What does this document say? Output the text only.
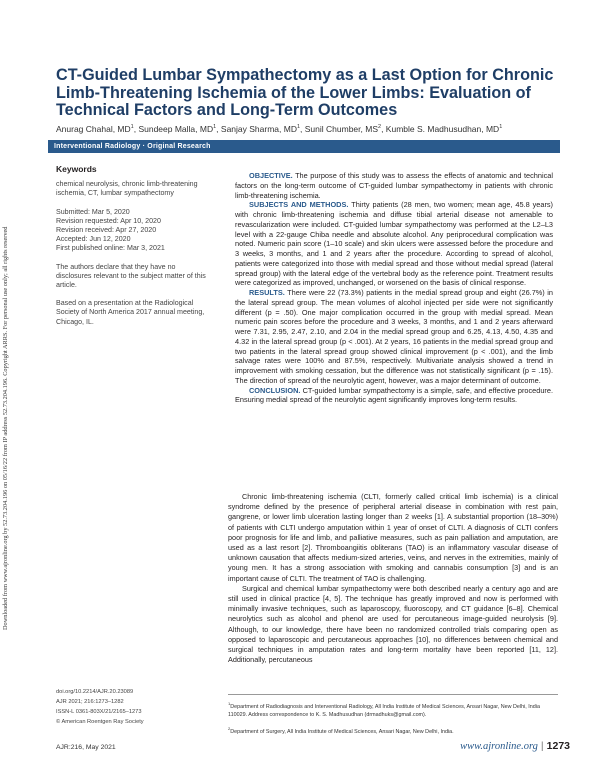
Downloaded from www.ajronline.org by 52.73.204.196 on 05/16/22 from IP address 52.73.204.196. Copyright ARRS. For personal use only; all rights reserved
CT-Guided Lumbar Sympathectomy as a Last Option for Chronic Limb-Threatening Ischemia of the Lower Limbs: Evaluation of Technical Factors and Long-Term Outcomes
Anurag Chahal, $MD^1$, Sundeep Malla, $MD^1$, Sanjay Sharma, $MD^1$, Sunil Chumber, $MS^2$, Kumble S. Madhusudhan, $MD^1$
Interventional Radiology · Original Research
Keywords
chemical neurolysis, chronic limb-threatening ischemia, CT, lumbar sympathectomy
Submitted: Mar 5, 2020
Revision requested: Apr 10, 2020
Revision received: Apr 27, 2020
Accepted: Jun 12, 2020
First published online: Mar 3, 2021
The authors declare that they have no disclosures relevant to the subject matter of this article.
Based on a presentation at the Radiological Society of North America 2017 annual meeting, Chicago, IL.

OBJECTIVE. The purpose of this study was to assess the effects of anatomic and technical factors on the long-term outcome of CT-guided lumbar sympathectomy in patients with chronic limb-threatening ischemia.

SUBJECTS AND METHODS. Thirty patients (28 men, two women; mean age, 45.8 years) with chronic limb-threatening ischemia and diffuse tibial arterial disease not amenable to revascularization were included. CT-guided lumbar sympathectomy was performed at the L2–L3 level with a 22-gauge Chiba needle and absolute alcohol. Any periprocedural complication was noted. Numeric pain score (1–10 scale) and skin ulcers were assessed before the procedure and 3 weeks, 3 months, and 1 and 2 years after the procedure. According to spread of alcohol, patients were categorized into those with medial spread and those without medial spread (lateral spread group) with the lateral edge of the vertebral body as the reference point. Treatment results were categorized as improved, unchanged, or worsened on the basis of clinical response.

RESULTS. There were 22 (73.3%) patients in the medial spread group and eight (26.7%) in the lateral spread group. The mean volumes of alcohol injected per side were not significantly different (p = .50). One major complication occurred in the group with medial spread. Mean numeric pain scores before the procedure and 3 weeks, 3 months, and 1 and 2 years afterward were 7.31, 2.95, 2.47, 2.10, and 2.04 in the medial spread group and 6.25, 4.13, 4.50, 4.35 and 4.32 in the lateral spread group (p < .001). At 2 years, 16 patients in the medial spread group and two patients in the lateral spread group showed clinical improvement (p < .001), and the limb salvage rates were 100% and 87.5%, respectively. Multivariate analysis showed a trend in improvement with smoking cessation, but the difference was not statistically significant (p = .15). The direction of spread of the neurolytic agent, however, was a major determinant of outcome.

CONCLUSION. CT-guided lumbar sympathectomy is a simple, safe, and effective procedure. Ensuring medial spread of the neurolytic agent significantly improves long-term results.

Chronic limb-threatening ischemia (CLTI, formerly called critical limb ischemia) is a clinical syndrome defined by the presence of peripheral arterial disease in combination with rest pain, gangrene, or lower limb ulceration lasting longer than 2 weeks [1]. A substantial proportion (18–30%) of patients with CLTI undergo amputation within 1 year of onset of CLTI. A diagnosis of CLTI confers poor prognosis for life and limb, and palliative measures, such as pain palliation and amputation, are used as a last resort [2]. Thromboangiitis obliterans (TAO) is an inflammatory vascular disease of unknown causation that affects medium-sized arteries, veins, and nerves in the extremities, mainly of young men. It has a strong association with smoking and cannabis consumption [3] and is an important cause of CLTI. The treatment of TAO is challenging.

Surgical and chemical lumbar sympathectomy were both described nearly a century ago and are still used in clinical practice [4, 5]. The technique has greatly improved and now is performed with minimally invasive techniques, such as laparoscopy, fluoroscopy, and CT guidance [6–8]. Chemical neurolytics such as alcohol and phenol are used for percutaneous image-guided neurolysis [9]. Although, to our knowledge, there have been no randomized controlled trials comparing open as opposed to laparoscopic and percutaneous approaches [10], no differences between chemical and surgical techniques in amputation rates and long-term mortality have been reported [11, 12]. Additionally, percutaneous

doi.org/10.2214/AJR.20.23089
AJR 2021; 216:1273–1282
ISSN-L 0361-803X/21/2165–1273
© American Roentgen Ray Society
$^1$Department of Radiodiagnosis and Interventional Radiology, All India Institute of Medical Sciences, Ansari Nagar, New Delhi, India 110029. Address correspondence to K. S. Madhusudhan (drmadhuks@gmail.com).
$^2$Department of Surgery, All India Institute of Medical Sciences, Ansari Nagar, New Delhi, India.
AJR:216, May 2021	www.ajronline.org | 1273
